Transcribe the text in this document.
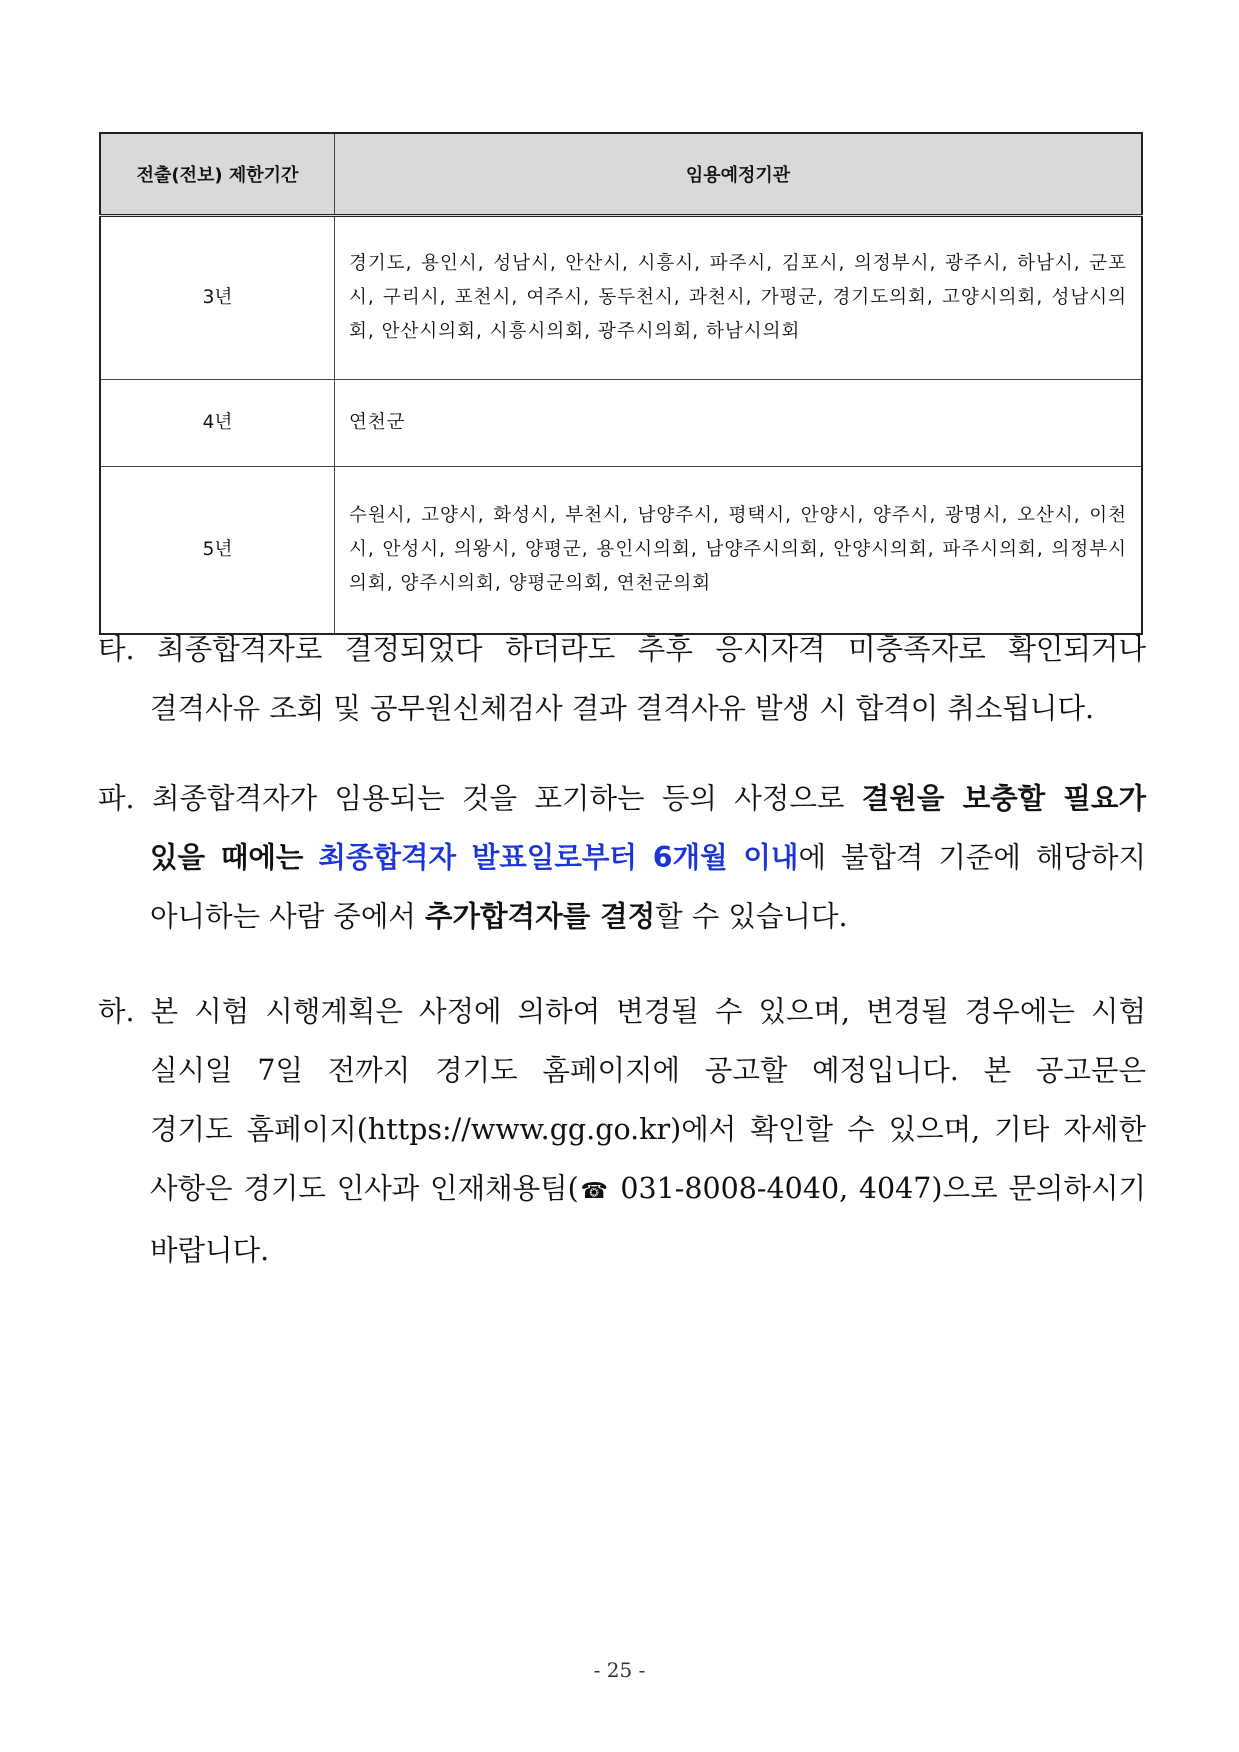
전출(전보) 제한기간	임용예정기관
3년	경기도, 용인시, 성남시, 안산시, 시흥시, 파주시, 김포시, 의정부시, 광주시, 하남시, 군포시, 구리시, 포천시, 여주시, 동두천시, 과천시, 가평군, 경기도의회, 고양시의회, 성남시의회, 안산시의회, 시흥시의회, 광주시의회, 하남시의회
4년	연천군
5년	수원시, 고양시, 화성시, 부천시, 남양주시, 평택시, 안양시, 양주시, 광명시, 오산시, 이천시, 안성시, 의왕시, 양평군, 용인시의회, 남양주시의회, 안양시의회, 파주시의회, 의정부시의회, 양주시의회, 양평군의회, 연천군의회
타. 최종합격자로 결정되었다 하더라도 추후 응시자격 미충족자로 확인되거나
결격사유 조회 및 공무원신체검사 결과 결격사유 발생 시 합격이 취소됩니다.
파. 최종합격자가 임용되는 것을 포기하는 등의 사정으로 결원을 보충할 필요가
있을 때에는 최종합격자 발표일로부터 6개월 이내에 불합격 기준에 해당하지
아니하는 사람 중에서 추가합격자를 결정할 수 있습니다.
하. 본 시험 시행계획은 사정에 의하여 변경될 수 있으며, 변경될 경우에는 시험
실시일 7일 전까지 경기도 홈페이지에 공고할 예정입니다. 본 공고문은
경기도 홈페이지(https://www.gg.go.kr)에서 확인할 수 있으며, 기타 자세한
사항은 경기도 인사과 인재채용팀(☎ 031-8008-4040, 4047)으로 문의하시기
바랍니다.
- 25 -
